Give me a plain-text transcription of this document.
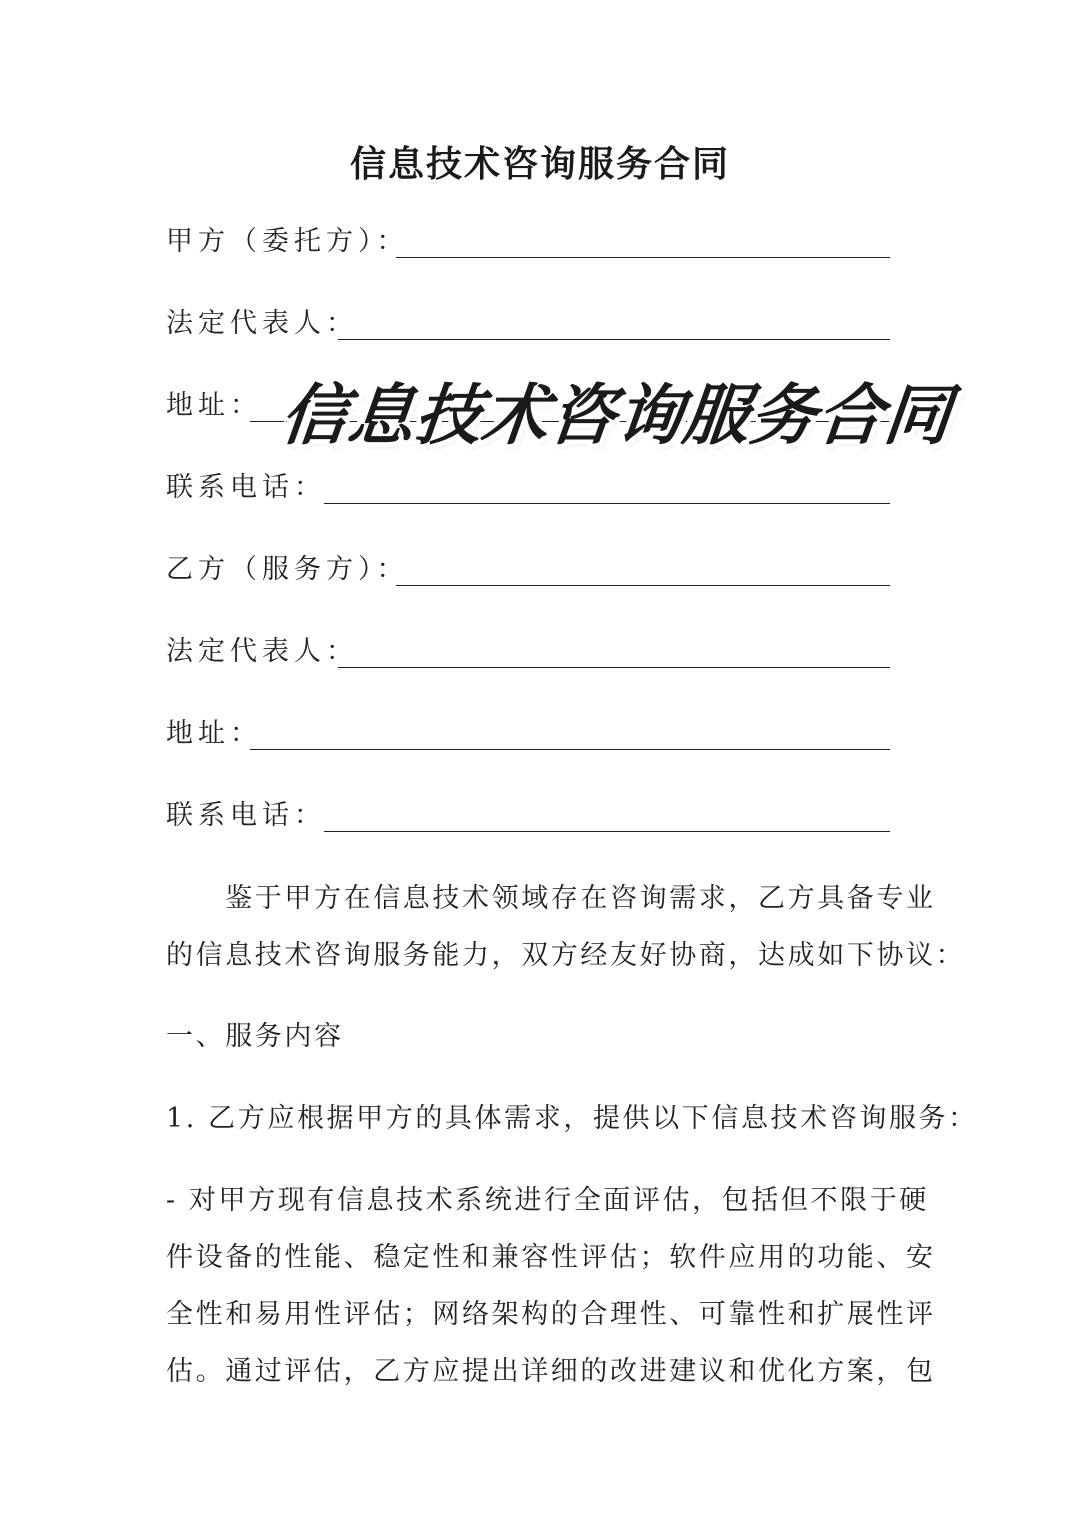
信息技术咨询服务合同
甲方（委托方）：
法定代表人：
地址：
联系电话：
乙方（服务方）：
法定代表人：
地址：
联系电话：
　　鉴于甲方在信息技术领域存在咨询需求，乙方具备专业
的信息技术咨询服务能力，双方经友好协商，达成如下协议：
一、服务内容
1. 乙方应根据甲方的具体需求，提供以下信息技术咨询服务：
- 对甲方现有信息技术系统进行全面评估，包括但不限于硬
件设备的性能、稳定性和兼容性评估；软件应用的功能、安
全性和易用性评估；网络架构的合理性、可靠性和扩展性评
估。通过评估，乙方应提出详细的改进建议和优化方案，包
信息技术咨询服务合同
